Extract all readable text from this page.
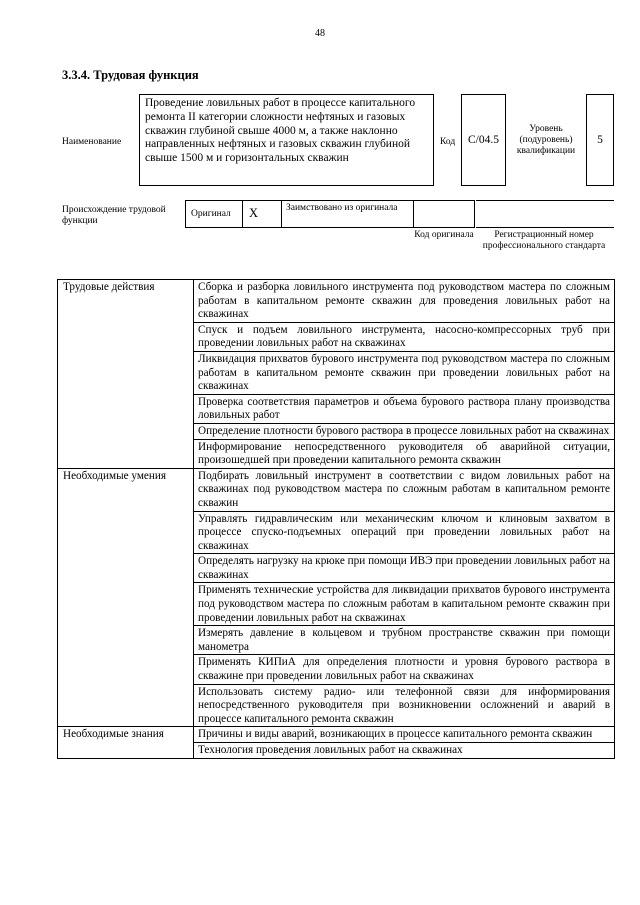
48
3.3.4. Трудовая функция
Наименование
Проведение ловильных работ в процессе капитального ремонта II категории сложности нефтяных и газовых скважин глубиной свыше 4000 м, а также наклонно направленных нефтяных и газовых скважин глубиной свыше 1500 м и горизонтальных скважин
Код	C/04.5
Уровень (подуровень) квалификации
5
Происхождение трудовой функции
Оригинал X	Заимствовано из оригинала
Код оригинала	Регистрационный номер профессионального стандарта
Трудовые действия	Сборка и разборка ловильного инструмента под руководством мастера по сложным работам в капитальном ремонте скважин для проведения ловильных работ на скважинах
	Спуск и подъем ловильного инструмента, насосно-компрессорных труб при проведении ловильных работ на скважинах
	Ликвидация прихватов бурового инструмента под руководством мастера по сложным работам в капитальном ремонте скважин при проведении ловильных работ на скважинах
	Проверка соответствия параметров и объема бурового раствора плану производства ловильных работ
	Определение плотности бурового раствора в процессе ловильных работ на скважинах
	Информирование непосредственного руководителя об аварийной ситуации, произошедшей при проведении капитального ремонта скважин
Необходимые умения	Подбирать ловильный инструмент в соответствии с видом ловильных работ на скважинах под руководством мастера по сложным работам в капитальном ремонте скважин
	Управлять гидравлическим или механическим ключом и клиновым захватом в процессе спуско-подъемных операций при проведении ловильных работ на скважинах
	Определять нагрузку на крюке при помощи ИВЭ при проведении ловильных работ на скважинах
	Применять технические устройства для ликвидации прихватов бурового инструмента под руководством мастера по сложным работам в капитальном ремонте скважин при проведении ловильных работ на скважинах
	Измерять давление в кольцевом и трубном пространстве скважин при помощи манометра
	Применять КИПиА для определения плотности и уровня бурового раствора в скважине при проведении ловильных работ на скважинах
	Использовать систему радио- или телефонной связи для информирования непосредственного руководителя при возникновении осложнений и аварий в процессе капитального ремонта скважин
Необходимые знания	Причины и виды аварий, возникающих в процессе капитального ремонта скважин
	Технология проведения ловильных работ на скважинах
